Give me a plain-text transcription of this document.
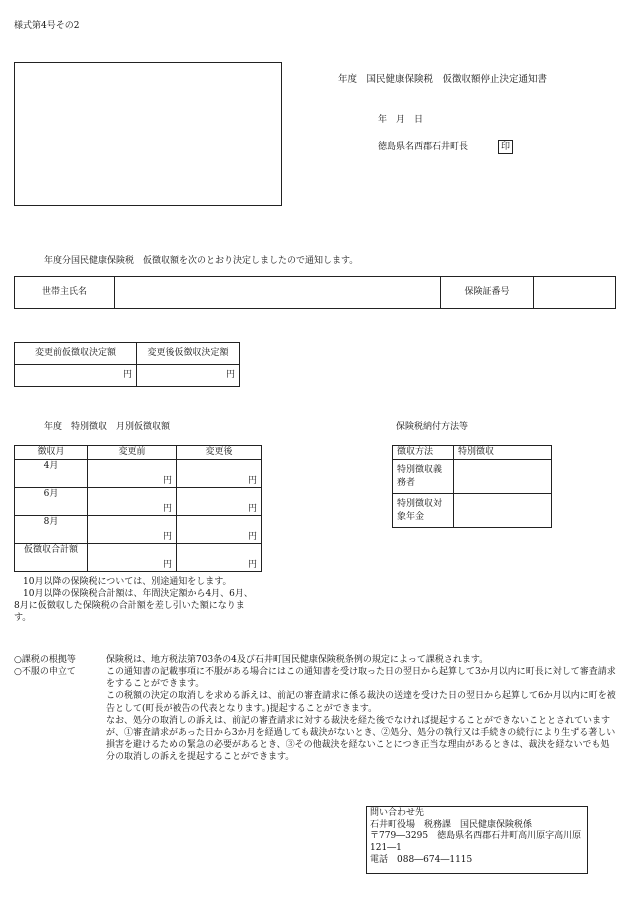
様式第4号その2
年度　国民健康保険税　仮徴収額停止決定通知書
年　月　日
徳島県名西郡石井町長	印
年度分国民健康保険税　仮徴収額を次のとおり決定しましたので通知します。
世帯主氏名		保険証番号	
変更前仮徴収決定額	変更後仮徴収決定額
円	円
年度　特別徴収　月別仮徴収額
徴収月	変更前	変更後
4月	円	円
6月	円	円
8月	円	円
仮徴収合計額	円	円

10月以降の保険税については、別途通知をします。

10月以降の保険税合計額は、年間決定額から4月、6月、8月に仮徴収した保険税の合計額を差し引いた額になります。

保険税納付方法等
徴収方法	特別徴収
特別徴収義務者	
特別徴収対象年金	
○課税の根拠等
○不服の申立て

保険税は、地方税法第703条の4及び石井町国民健康保険税条例の規定によって課税されます。

この通知書の記載事項に不服がある場合にはこの通知書を受け取った日の翌日から起算して3か月以内に町長に対して審査請求をすることができます。

この税額の決定の取消しを求める訴えは、前記の審査請求に係る裁決の送達を受けた日の翌日から起算して6か月以内に町を被告として(町長が被告の代表となります。)提起することができます。

なお、処分の取消しの訴えは、前記の審査請求に対する裁決を経た後でなければ提起することができないこととされていますが、①審査請求があった日から3か月を経過しても裁決がないとき、②処分、処分の執行又は手続きの続行により生ずる著しい損害を避けるための緊急の必要があるとき、③その他裁決を経ないことにつき正当な理由があるときは、裁決を経ないでも処分の取消しの訴えを提起することができます。

問い合わせ先
石井町役場　税務課　国民健康保険税係
〒779―3295　徳島県名西郡石井町高川原字高川原121―1
電話　088―674―1115
